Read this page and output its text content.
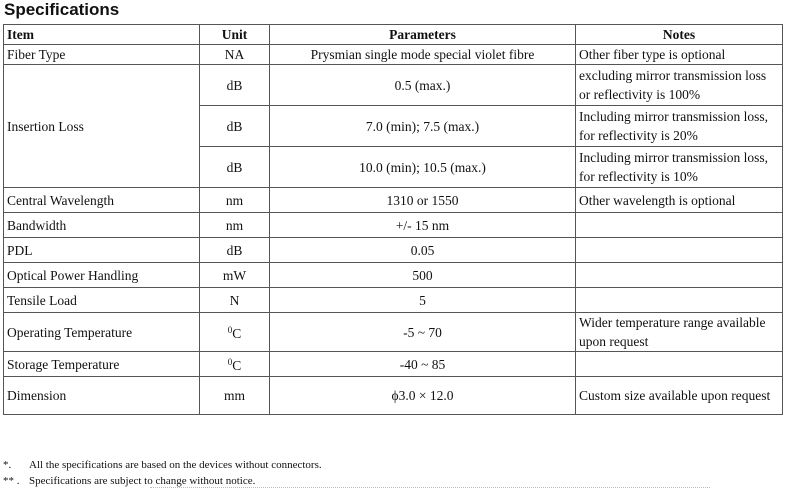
Specifications
Item	Unit	Parameters	Notes
Fiber Type	NA	Prysmian single mode special violet fibre	Other fiber type is optional
Insertion Loss	dB	0.5 (max.)	excluding mirror transmission loss or reflectivity is 100%
	dB	7.0 (min); 7.5 (max.)	Including mirror transmission loss, for reflectivity is 20%
	dB	10.0 (min); 10.5 (max.)	Including mirror transmission loss, for reflectivity is 10%
Central Wavelength	nm	1310 or 1550	Other wavelength is optional
Bandwidth	nm	+/- 15 nm	
PDL	dB	0.05	
Optical Power Handling	mW	500	
Tensile Load	N	5	
Operating Temperature	$^0$C	-5 ~ 70	Wider temperature range available upon request
Storage Temperature	$^0$C	-40 ~ 85	
Dimension	mm	ϕ3.0 × 12.0	Custom size available upon request
*. All the specifications are based on the devices without connectors.
** . Specifications are subject to change without notice.
